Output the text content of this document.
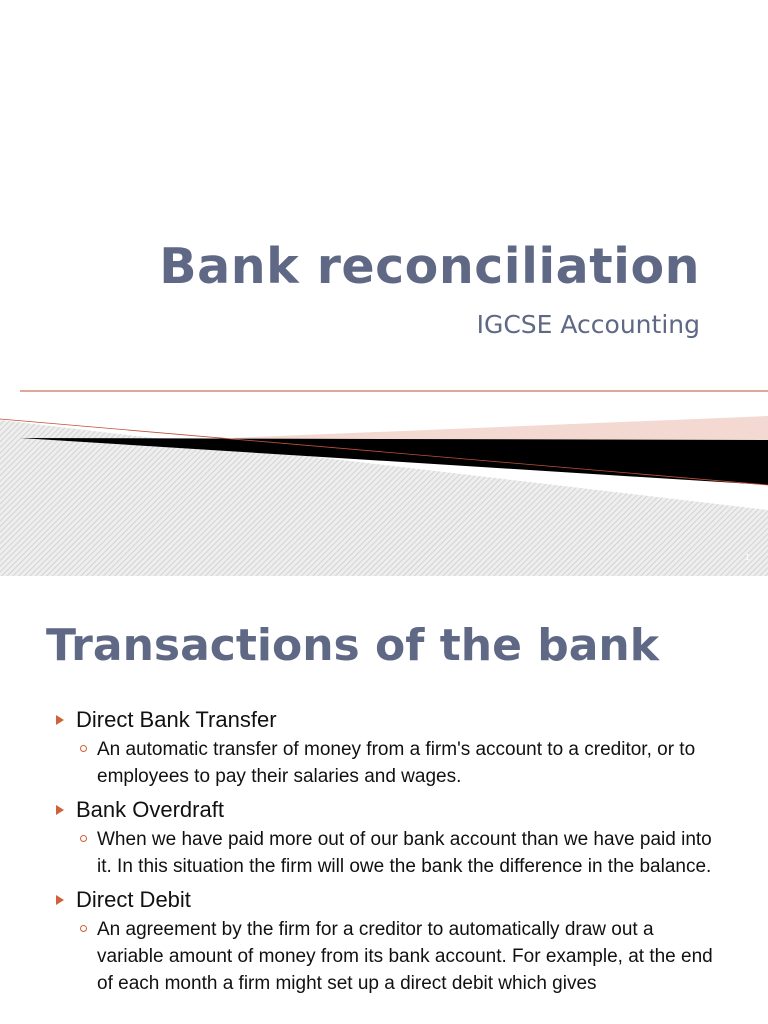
Bank reconciliation
IGCSE Accounting
1
Transactions of the bank
Direct Bank Transfer
An automatic transfer of money from a firm's account to a creditor, or to employees to pay their salaries and wages.
Bank Overdraft
When we have paid more out of our bank account than we have paid into it. In this situation the firm will owe the bank the difference in the balance.
Direct Debit
An agreement by the firm for a creditor to automatically draw out a variable amount of money from its bank account. For example, at the end of each month a firm might set up a direct debit which gives
